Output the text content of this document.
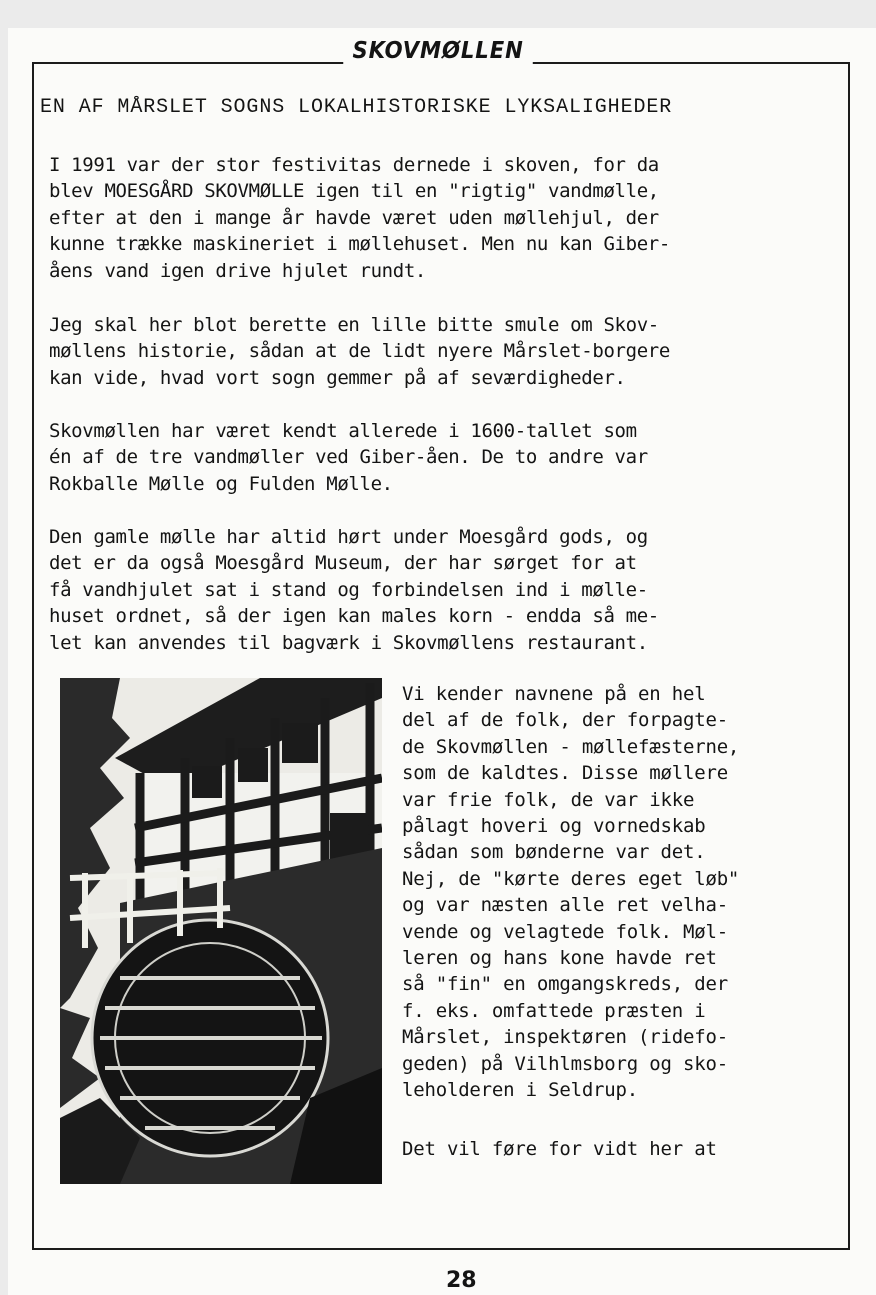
SKOVMØLLEN
EN AF MÅRSLET SOGNS LOKALHISTORISKE LYKSALIGHEDER
I 1991 var der stor festivitas dernede i skoven, for da
blev MOESGÅRD SKOVMØLLE igen til en "rigtig" vandmølle,
efter at den i mange år havde været uden møllehjul, der
kunne trække maskineriet i møllehuset. Men nu kan Giber-
åens vand igen drive hjulet rundt.
Jeg skal her blot berette en lille bitte smule om Skov-
møllens historie, sådan at de lidt nyere Mårslet-borgere
kan vide, hvad vort sogn gemmer på af seværdigheder.
Skovmøllen har været kendt allerede i 1600-tallet som
én af de tre vandmøller ved Giber-åen. De to andre var
Rokballe Mølle og Fulden Mølle.
Den gamle mølle har altid hørt under Moesgård gods, og
det er da også Moesgård Museum, der har sørget for at
få vandhjulet sat i stand og forbindelsen ind i mølle-
huset ordnet, så der igen kan males korn - endda så me-
let kan anvendes til bagværk i Skovmøllens restaurant.
Vi kender navnene på en hel
del af de folk, der forpagte-
de Skovmøllen - møllefæsterne,
som de kaldtes. Disse møllere
var frie folk, de var ikke
pålagt hoveri og vornedskab
sådan som bønderne var det.
Nej, de "kørte deres eget løb"
og var næsten alle ret velha-
vende og velagtede folk. Møl-
leren og hans kone havde ret
så "fin" en omgangskreds, der
f. eks. omfattede præsten i
Mårslet, inspektøren (ridefo-
geden) på Vilhlmsborg og sko-
leholderen i Seldrup.
Det vil føre for vidt her at
28
